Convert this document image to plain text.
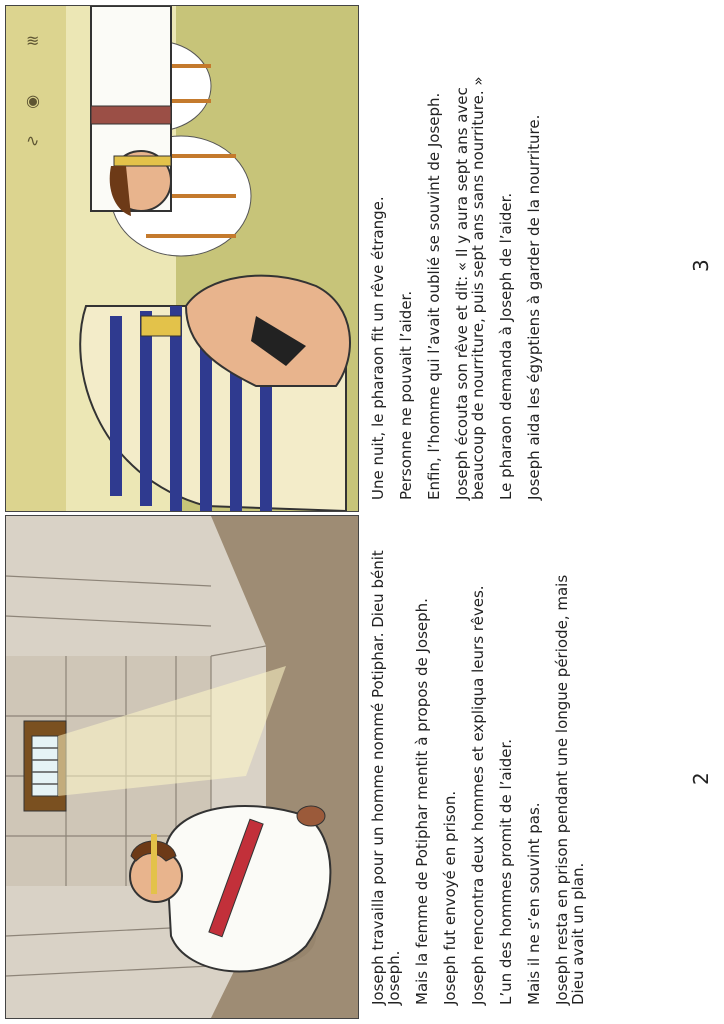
≋
◉
∿

Joseph travailla pour un homme nommé Potiphar. Dieu bénit Joseph. Mais la femme de Potiphar mentit à propos de Joseph. Joseph fut envoyé en prison. Joseph rencontra deux hommes et expliqua leurs rêves. L’un des hommes promit de l’aider. Mais il ne s’en souvint pas. Joseph resta en prison pendant une longue période, mais Dieu avait un plan.

2

Une nuit, le pharaon fit un rêve étrange. Personne ne pouvait l’aider. Enfin, l’homme qui l’avait oublié se souvint de Joseph. Joseph écouta son rêve et dit: « Il y aura sept ans avec beaucoup de nourriture, puis sept ans sans nourriture. » Le pharaon demanda à Joseph de l’aider. Joseph aida les égyptiens à garder de la nourriture.	3
